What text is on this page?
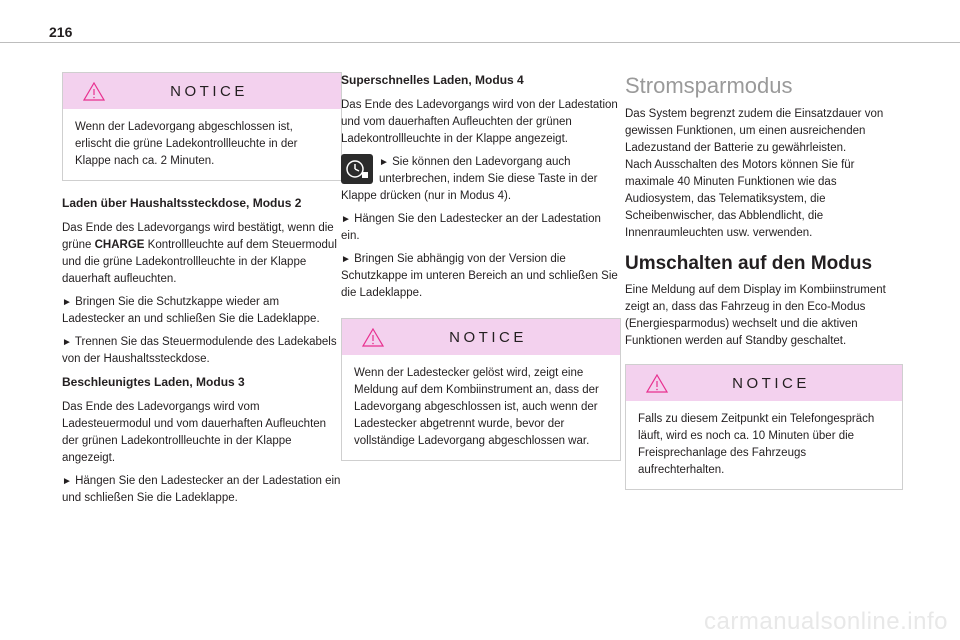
216
NOTICE

Wenn der Ladevorgang abgeschlossen ist, erlischt die grüne Ladekontrollleuchte in der Klappe nach ca. 2 Minuten.

Laden über Haushaltssteckdose, Modus 2

Das Ende des Ladevorgangs wird bestätigt, wenn die grüne CHARGE Kontrollleuchte auf dem Steuermodul und die grüne Ladekontrollleuchte in der Klappe dauerhaft aufleuchten.

► Bringen Sie die Schutzkappe wieder am Ladestecker an und schließen Sie die Ladeklappe.

► Trennen Sie das Steuermodulende des Ladekabels von der Haushaltssteckdose.

Beschleunigtes Laden, Modus 3

Das Ende des Ladevorgangs wird vom Ladesteuermodul und vom dauerhaften Aufleuchten der grünen Ladekontrollleuchte in der Klappe angezeigt.

► Hängen Sie den Ladestecker an der Ladestation ein und schließen Sie die Ladeklappe.

Superschnelles Laden, Modus 4

Das Ende des Ladevorgangs wird von der Ladestation und vom dauerhaften Aufleuchten der grünen Ladekontrollleuchte in der Klappe angezeigt.

► Sie können den Ladevorgang auch unterbrechen, indem Sie diese Taste in der Klappe drücken (nur in Modus 4).

► Hängen Sie den Ladestecker an der Ladestation ein.

► Bringen Sie abhängig von der Version die Schutzkappe im unteren Bereich an und schließen Sie die Ladeklappe.

NOTICE

Wenn der Ladestecker gelöst wird, zeigt eine Meldung auf dem Kombiinstrument an, dass der Ladevorgang abgeschlossen ist, auch wenn der Ladestecker abgetrennt wurde, bevor der vollständige Ladevorgang abgeschlossen war.

Stromsparmodus

Das System begrenzt zudem die Einsatzdauer von gewissen Funktionen, um einen ausreichenden Ladezustand der Batterie zu gewährleisten.

Nach Ausschalten des Motors können Sie für maximale 40 Minuten Funktionen wie das Audiosystem, das Telematiksystem, die Scheibenwischer, das Abblendlicht, die Innenraumleuchten usw. verwenden.

Umschalten auf den Modus

Eine Meldung auf dem Display im Kombiinstrument zeigt an, dass das Fahrzeug in den Eco-Modus (Energiesparmodus) wechselt und die aktiven Funktionen werden auf Standby geschaltet.

NOTICE

Falls zu diesem Zeitpunkt ein Telefongespräch läuft, wird es noch ca. 10 Minuten über die Freisprechanlage des Fahrzeugs aufrechterhalten.

carmanualsonline.info
